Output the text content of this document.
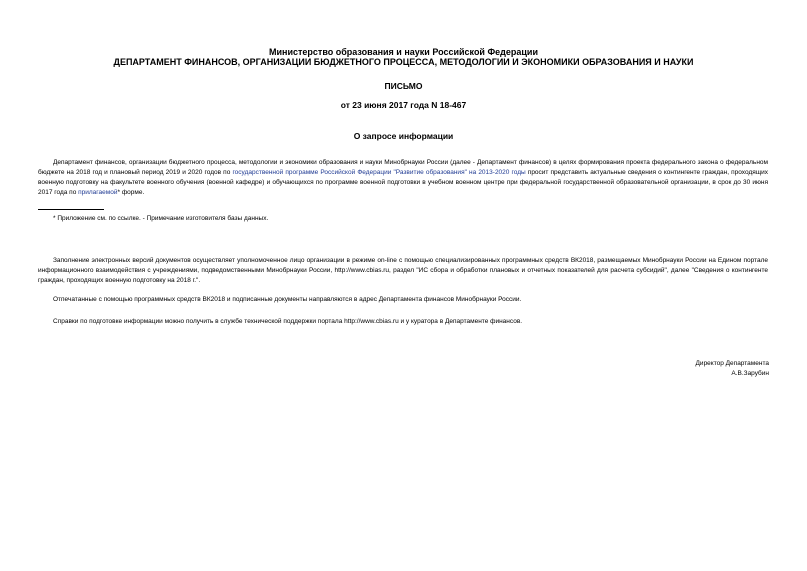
Министерство образования и науки Российской Федерации
ДЕПАРТАМЕНТ ФИНАНСОВ, ОРГАНИЗАЦИИ БЮДЖЕТНОГО ПРОЦЕССА, МЕТОДОЛОГИИ И ЭКОНОМИКИ ОБРАЗОВАНИЯ И НАУКИ
ПИСЬМО
от 23 июня 2017 года N 18-467
О запросе информации

Департамент финансов, организации бюджетного процесса, методологии и экономики образования и науки Минобрнауки России (далее - Департамент финансов) в целях формирования проекта федерального закона о федеральном бюджете на 2018 год и плановый период 2019 и 2020 годов по государственной программе Российской Федерации "Развитие образования" на 2013-2020 годы просит представить актуальные сведения о контингенте граждан, проходящих военную подготовку на факультете военного обучения (военной кафедре) и обучающихся по программе военной подготовки в учебном военном центре при федеральной государственной образовательной организации, в срок до 30 июня 2017 года по прилагаемой* форме.

* Приложение см. по ссылке. - Примечание изготовителя базы данных.

Заполнение электронных версий документов осуществляет уполномоченное лицо организации в режиме on-line с помощью специализированных программных средств ВК2018, размещаемых Минобрнауки России на Едином портале информационного взаимодействия с учреждениями, подведомственными Минобрнауки России, http://www.cbias.ru, раздел "ИС сбора и обработки плановых и отчетных показателей для расчета субсидий", далее "Сведения о контингенте граждан, проходящих военную подготовку на 2018 г.".

Отпечатанные с помощью программных средств ВК2018 и подписанные документы направляются в адрес Департамента финансов Минобрнауки России.

Справки по подготовке информации можно получить в службе технической поддержки портала http://www.cbias.ru и у куратора в Департаменте финансов.

Директор Департамента
А.В.Зарубин
